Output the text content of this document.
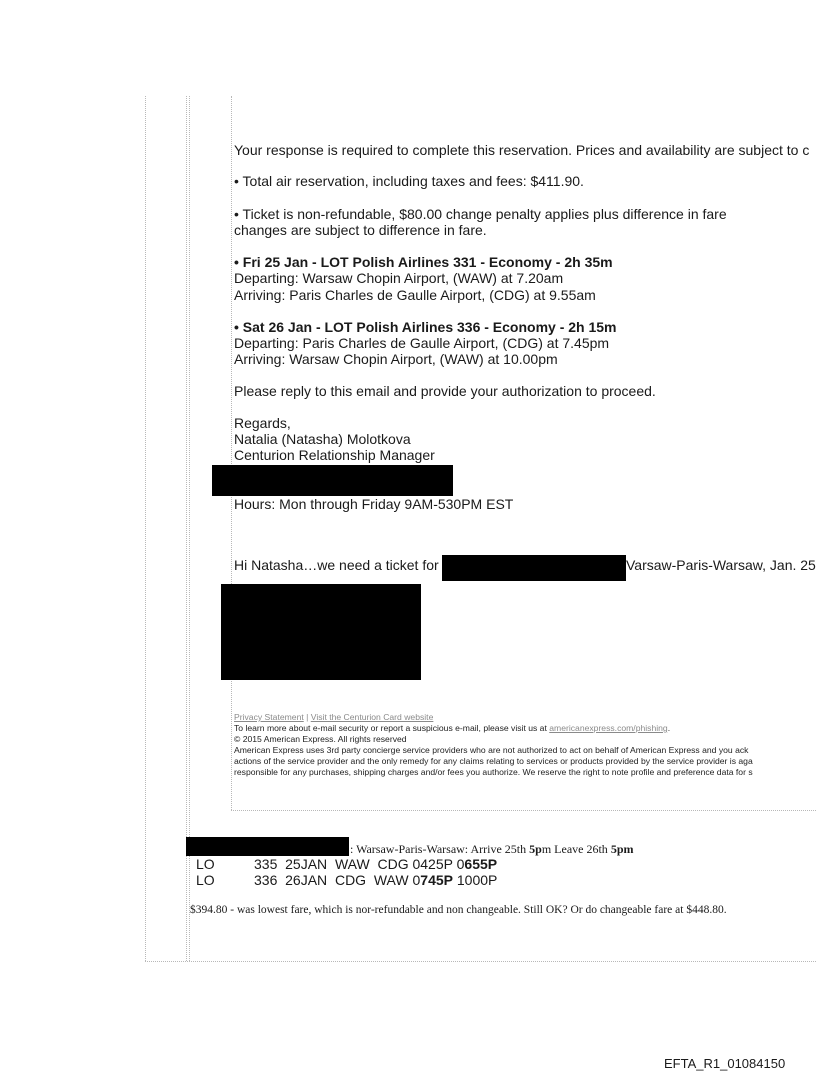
Your response is required to complete this reservation. Prices and availability are subject to c
• Total air reservation, including taxes and fees: $411.90.
• Ticket is non-refundable, $80.00 change penalty applies plus difference in fare
changes are subject to difference in fare.
• Fri 25 Jan - LOT Polish Airlines 331 - Economy - 2h 35m
Departing: Warsaw Chopin Airport, (WAW) at 7.20am
Arriving: Paris Charles de Gaulle Airport, (CDG) at 9.55am
• Sat 26 Jan - LOT Polish Airlines 336 - Economy - 2h 15m
Departing: Paris Charles de Gaulle Airport, (CDG) at 7.45pm
Arriving: Warsaw Chopin Airport, (WAW) at 10.00pm
Please reply to this email and provide your authorization to proceed.
Regards,
Natalia (Natasha) Molotkova
Centurion Relationship Manager
Hours: Mon through Friday 9AM-530PM EST
Hi Natasha…we need a ticket for	Varsaw-Paris-Warsaw, Jan. 25
Privacy Statement | Visit the Centurion Card website
To learn more about e-mail security or report a suspicious e-mail, please visit us at americanexpress.com/phishing.
© 2015 American Express. All rights reserved
American Express uses 3rd party concierge service providers who are not authorized to act on behalf of American Express and you ack
actions of the service provider and the only remedy for any claims relating to services or products provided by the service provider is aga
responsible for any purchases, shipping charges and/or fees you authorize. We reserve the right to note profile and preference data for s
: Warsaw-Paris-Warsaw: Arrive 25th 5pm Leave 26th 5pm
LO	335 25JAN WAW CDG 0425P 0655P
LO	336 26JAN CDG WAW 0745P 1000P
$394.80 - was lowest fare, which is nor-refundable and non changeable. Still OK? Or do changeable fare at $448.80.
EFTA_R1_01084150
